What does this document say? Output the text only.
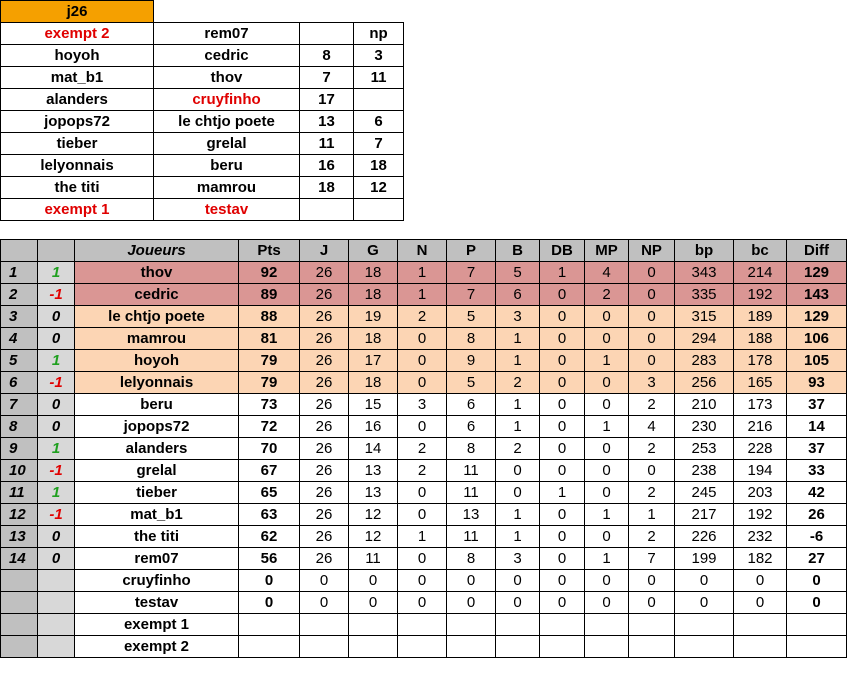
j26				
exempt 2	rem07		np	
hoyoh	cedric	8	3	
mat_b1	thov	7	11	
alanders	cruyfinho	17		
jopops72	le chtjo poete	13	6	
tieber	grelal	11	7	
lelyonnais	beru	16	18	
the titi	mamrou	18	12	
exempt 1	testav			
		Joueurs	Pts	J	G	N	P	B	DB	MP	NP	bp	bc	Diff
1	1	thov	92	26	18	1	7	5	1	4	0	343	214	129
2	-1	cedric	89	26	18	1	7	6	0	2	0	335	192	143
3	0	le chtjo poete	88	26	19	2	5	3	0	0	0	315	189	129
4	0	mamrou	81	26	18	0	8	1	0	0	0	294	188	106
5	1	hoyoh	79	26	17	0	9	1	0	1	0	283	178	105
6	-1	lelyonnais	79	26	18	0	5	2	0	0	3	256	165	93
7	0	beru	73	26	15	3	6	1	0	0	2	210	173	37
8	0	jopops72	72	26	16	0	6	1	0	1	4	230	216	14
9	1	alanders	70	26	14	2	8	2	0	0	2	253	228	37
10	-1	grelal	67	26	13	2	11	0	0	0	0	238	194	33
11	1	tieber	65	26	13	0	11	0	1	0	2	245	203	42
12	-1	mat_b1	63	26	12	0	13	1	0	1	1	217	192	26
13	0	the titi	62	26	12	1	11	1	0	0	2	226	232	-6
14	0	rem07	56	26	11	0	8	3	0	1	7	199	182	27
		cruyfinho	0	0	0	0	0	0	0	0	0	0	0	0
		testav	0	0	0	0	0	0	0	0	0	0	0	0
		exempt 1												
		exempt 2												
